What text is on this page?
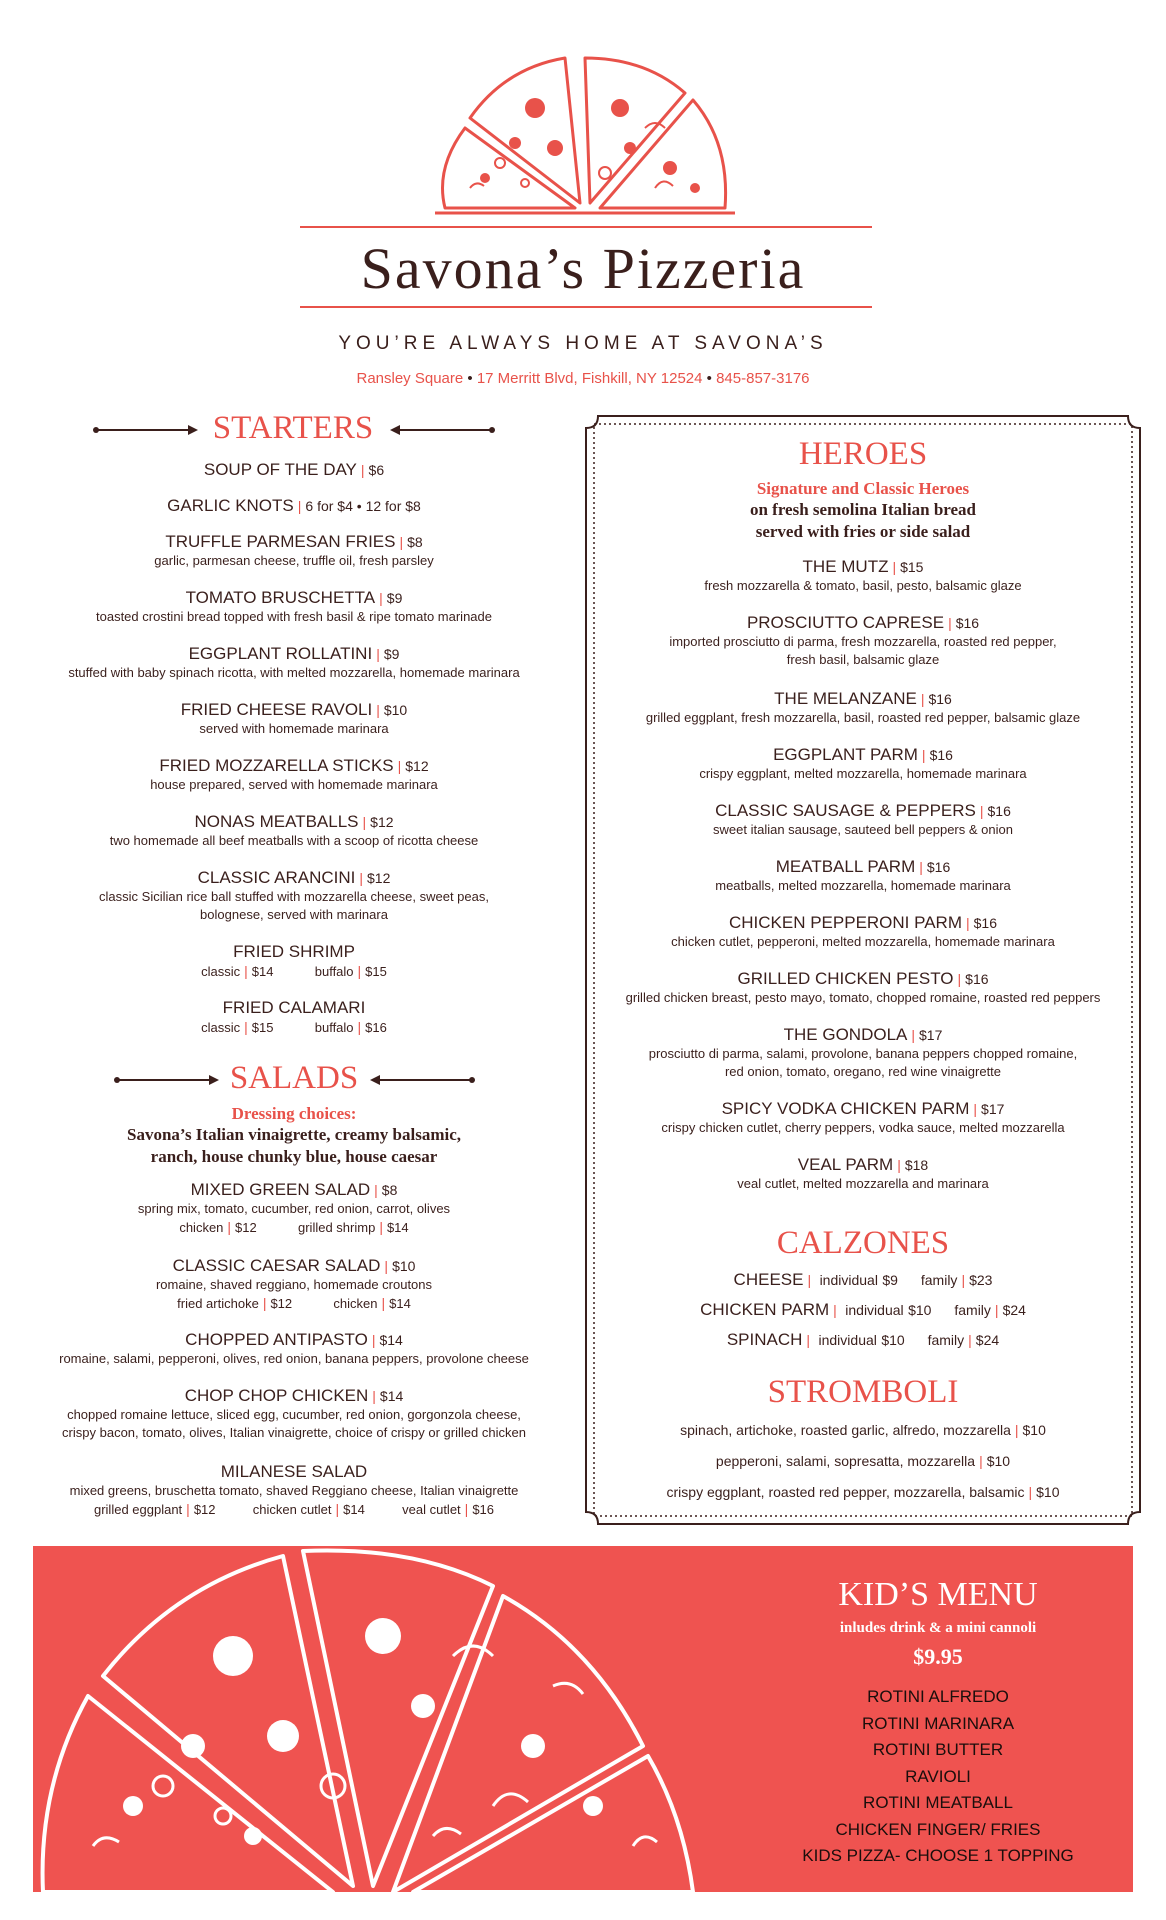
Savona’s Pizzeria
YOU’RE ALWAYS HOME AT SAVONA’S
Ransley Square • 17 Merritt Blvd, Fishkill, NY 12524 • 845-857-3176
STARTERS
SOUP OF THE DAY | $6
GARLIC KNOTS | 6 for $4 • 12 for $8
TRUFFLE PARMESAN FRIES | $8
garlic, parmesan cheese, truffle oil, fresh parsley
TOMATO BRUSCHETTA | $9
toasted crostini bread topped with fresh basil & ripe tomato marinade
EGGPLANT ROLLATINI | $9
stuffed with baby spinach ricotta, with melted mozzarella, homemade marinara
FRIED CHEESE RAVOLI | $10
served with homemade marinara
FRIED MOZZARELLA STICKS | $12
house prepared, served with homemade marinara
NONAS MEATBALLS | $12
two homemade all beef meatballs with a scoop of ricotta cheese
CLASSIC ARANCINI | $12
classic Sicilian rice ball stuffed with mozzarella cheese, sweet peas,
bolognese, served with marinara
FRIED SHRIMP
classic | $14	buffalo | $15
FRIED CALAMARI
classic | $15	buffalo | $16
SALADS
Dressing choices:
Savona’s Italian vinaigrette, creamy balsamic,
ranch, house chunky blue, house caesar
MIXED GREEN SALAD | $8
spring mix, tomato, cucumber, red onion, carrot, olives
chicken | $12	grilled shrimp | $14
CLASSIC CAESAR SALAD | $10
romaine, shaved reggiano, homemade croutons
fried artichoke | $12	chicken | $14
CHOPPED ANTIPASTO | $14
romaine, salami, pepperoni, olives, red onion, banana peppers, provolone cheese
CHOP CHOP CHICKEN | $14
chopped romaine lettuce, sliced egg, cucumber, red onion, gorgonzola cheese,
crispy bacon, tomato, olives, Italian vinaigrette, choice of crispy or grilled chicken
MILANESE SALAD
mixed greens, bruschetta tomato, shaved Reggiano cheese, Italian vinaigrette
grilled eggplant | $12	chicken cutlet | $14	veal cutlet | $16
HEROES
Signature and Classic Heroes
on fresh semolina Italian bread
served with fries or side salad
THE MUTZ | $15
fresh mozzarella & tomato, basil, pesto, balsamic glaze
PROSCIUTTO CAPRESE | $16
imported prosciutto di parma, fresh mozzarella, roasted red pepper,
fresh basil, balsamic glaze
THE MELANZANE | $16
grilled eggplant, fresh mozzarella, basil, roasted red pepper, balsamic glaze
EGGPLANT PARM | $16
crispy eggplant, melted mozzarella, homemade marinara
CLASSIC SAUSAGE & PEPPERS | $16
sweet italian sausage, sauteed bell peppers & onion
MEATBALL PARM | $16
meatballs, melted mozzarella, homemade marinara
CHICKEN PEPPERONI PARM | $16
chicken cutlet, pepperoni, melted mozzarella, homemade marinara
GRILLED CHICKEN PESTO | $16
grilled chicken breast, pesto mayo, tomato, chopped romaine, roasted red peppers
THE GONDOLA | $17
prosciutto di parma, salami, provolone, banana peppers chopped romaine,
red onion, tomato, oregano, red wine vinaigrette
SPICY VODKA CHICKEN PARM | $17
crispy chicken cutlet, cherry peppers, vodka sauce, melted mozzarella
VEAL PARM | $18
veal cutlet, melted mozzarella and marinara
CALZONES
CHEESE | individual $9 family | $23
CHICKEN PARM | individual $10 family | $24
SPINACH | individual $10 family | $24
STROMBOLI
spinach, artichoke, roasted garlic, alfredo, mozzarella | $10
pepperoni, salami, sopresatta, mozzarella | $10
crispy eggplant, roasted red pepper, mozzarella, balsamic | $10
KID’S MENU
inludes drink & a mini cannoli
$9.95
ROTINI ALFREDO
ROTINI MARINARA
ROTINI BUTTER
RAVIOLI
ROTINI MEATBALL
CHICKEN FINGER/ FRIES
KIDS PIZZA- CHOOSE 1 TOPPING
